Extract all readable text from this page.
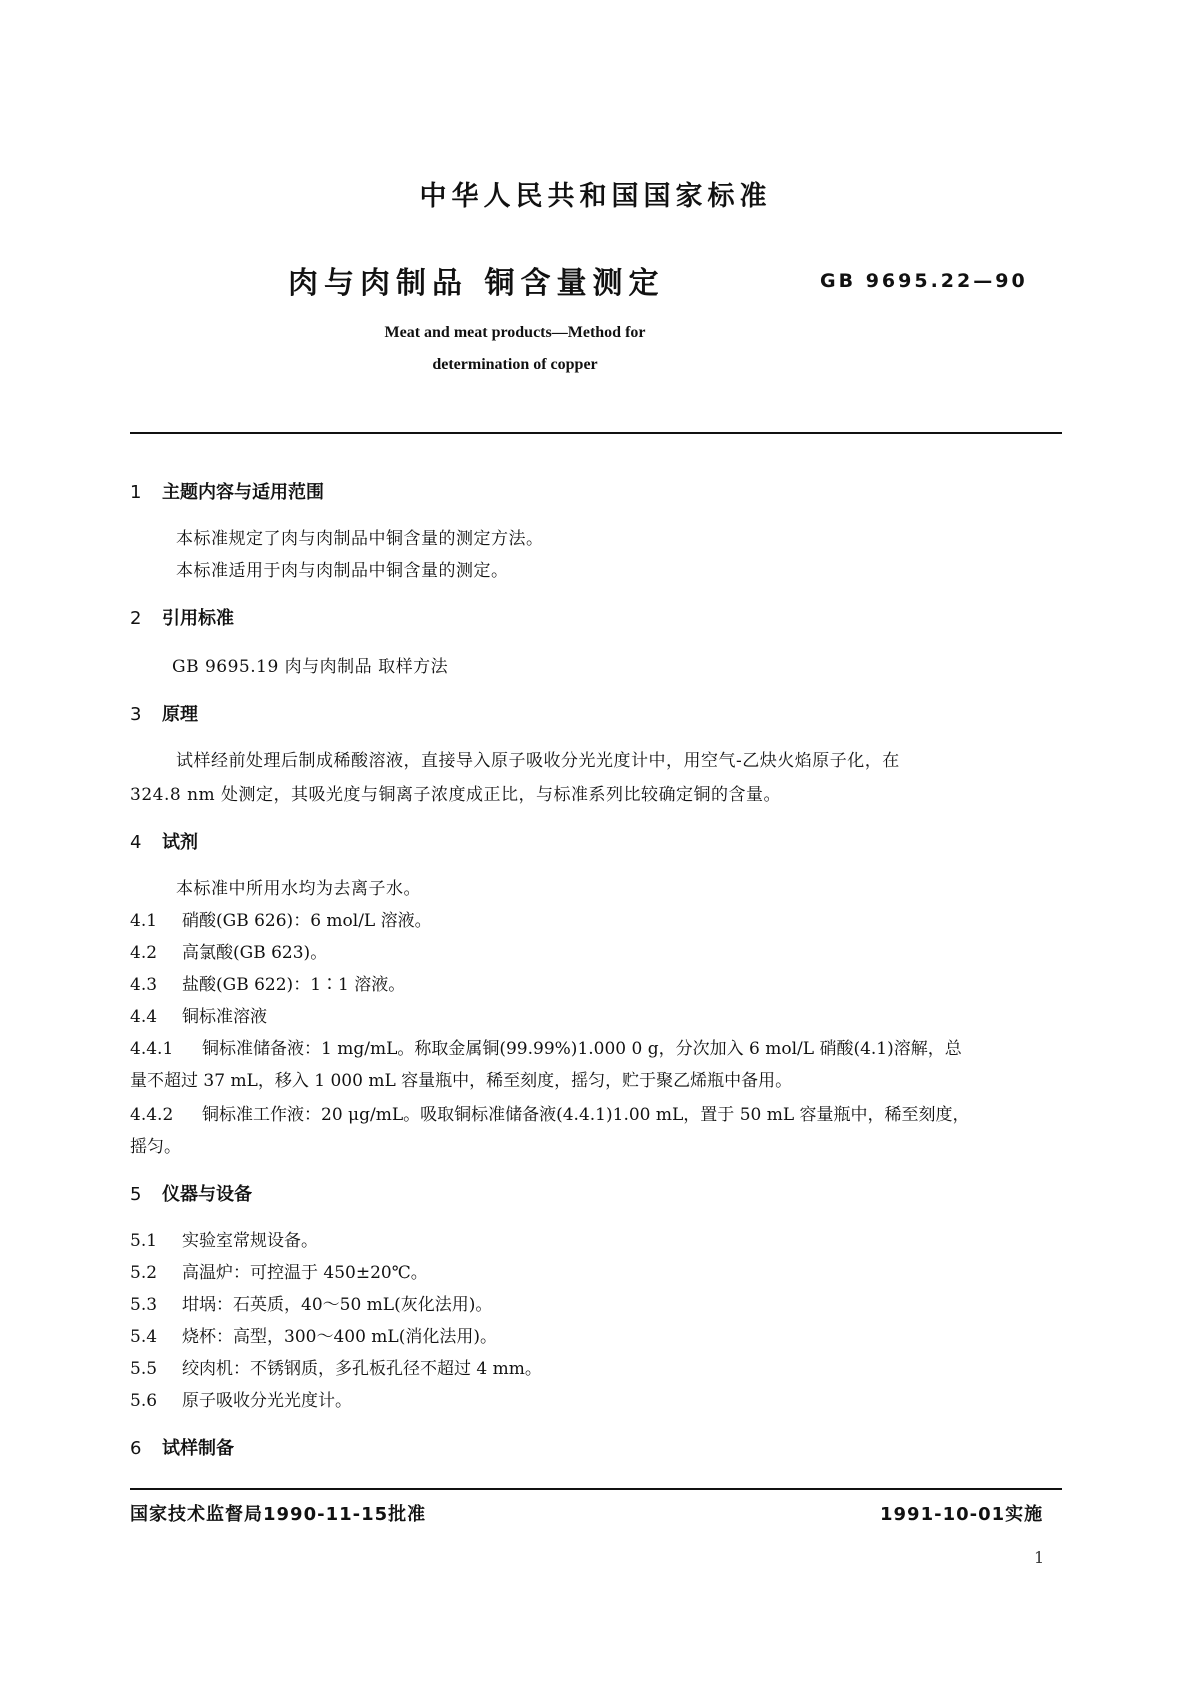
中华人民共和国国家标准
肉与肉制品 铜含量测定	GB 9695.22—90
Meat and meat products—Method for
determination of copper
1 主题内容与适用范围
本标准规定了肉与肉制品中铜含量的测定方法。
本标准适用于肉与肉制品中铜含量的测定。
2 引用标准
GB 9695.19 肉与肉制品 取样方法
3 原理
试样经前处理后制成稀酸溶液，直接导入原子吸收分光光度计中，用空气-乙炔火焰原子化，在
324.8 nm 处测定，其吸光度与铜离子浓度成正比，与标准系列比较确定铜的含量。
4 试剂
本标准中所用水均为去离子水。
4.1 硝酸(GB 626)：6 mol/L 溶液。
4.2 高氯酸(GB 623)。
4.3 盐酸(GB 622)：1∶1 溶液。
4.4 铜标准溶液
4.4.1 铜标准储备液：1 mg/mL。称取金属铜(99.99%)1.000 0 g，分次加入 6 mol/L 硝酸(4.1)溶解，总
量不超过 37 mL，移入 1 000 mL 容量瓶中，稀至刻度，摇匀，贮于聚乙烯瓶中备用。
4.4.2 铜标准工作液：20 μg/mL。吸取铜标准储备液(4.4.1)1.00 mL，置于 50 mL 容量瓶中，稀至刻度，
摇匀。
5 仪器与设备
5.1 实验室常规设备。
5.2 高温炉：可控温于 450±20℃。
5.3 坩埚：石英质，40～50 mL(灰化法用)。
5.4 烧杯：高型，300～400 mL(消化法用)。
5.5 绞肉机：不锈钢质，多孔板孔径不超过 4 mm。
5.6 原子吸收分光光度计。
6 试样制备
国家技术监督局1990-11-15批准	1991-10-01实施
1
